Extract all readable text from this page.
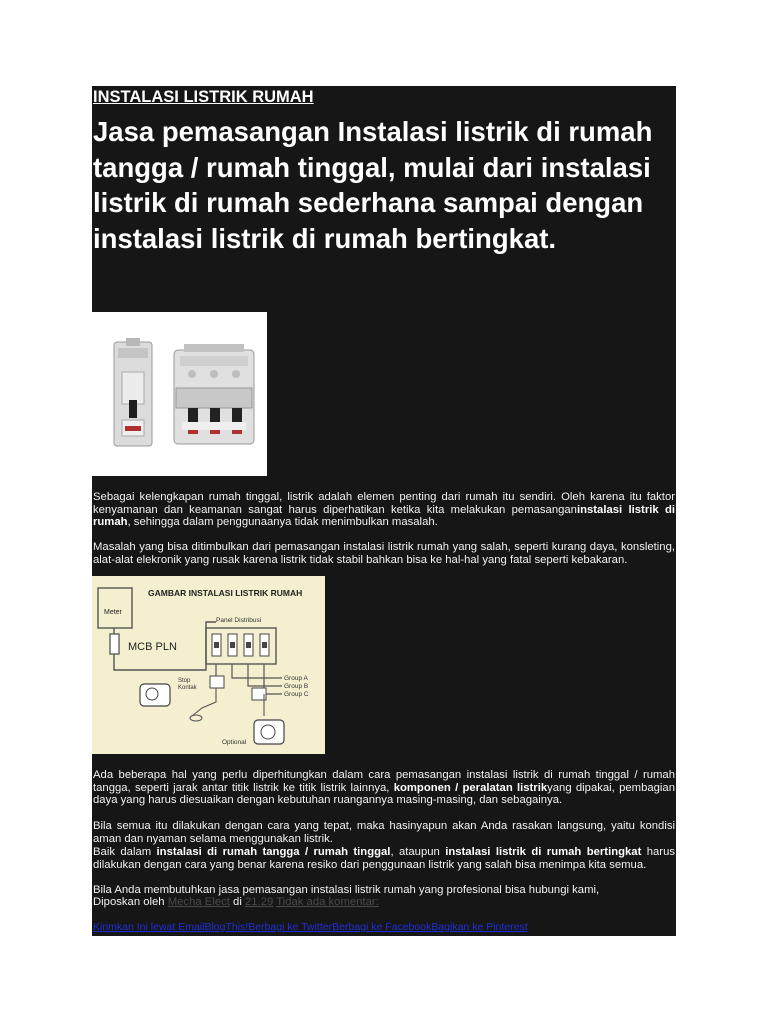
INSTALASI LISTRIK RUMAH

Jasa pemasangan Instalasi listrik di rumah tangga / rumah tinggal, mulai dari instalasi listrik di rumah sederhana sampai dengan instalasi listrik di rumah bertingkat.

Sebagai kelengkapan rumah tinggal, listrik adalah elemen penting dari rumah itu sendiri. Oleh karena itu faktor kenyamanan dan keamanan sangat harus diperhatikan ketika kita melakukan pemasanganinstalasi listrik di rumah, sehingga dalam penggunaanya tidak menimbulkan masalah.

Masalah yang bisa ditimbulkan dari pemasangan instalasi listrik rumah yang salah, seperti kurang daya, konsleting, alat-alat elekronik yang rusak karena listrik tidak stabil bahkan bisa ke hal-hal yang fatal seperti kebakaran.

GAMBAR INSTALASI LISTRIK RUMAH
Meter
MCB PLN
Panel Distribusi
Group A
Group B
Group C
Stop
Kontak
Optional

Ada beberapa hal yang perlu diperhitungkan dalam cara pemasangan instalasi listrik di rumah tinggal / rumah tangga, seperti jarak antar titik listrik ke titik listrik lainnya, komponen / peralatan listrikyang dipakai, pembagian daya yang harus diesuaikan dengan kebutuhan ruangannya masing-masing, dan sebagainya.

Bila semua itu dilakukan dengan cara yang tepat, maka hasinyapun akan Anda rasakan langsung, yaitu kondisi aman dan nyaman selama menggunakan listrik.

Baik dalam instalasi di rumah tangga / rumah tinggal, ataupun instalasi listrik di rumah bertingkat harus dilakukan dengan cara yang benar karena resiko dari penggunaan listrik yang salah bisa menimpa kita semua.

Bila Anda membutuhkan jasa pemasangan instalasi listrik rumah yang profesional bisa hubungi kami,

Diposkan oleh Mecha Elect di 21.29 Tidak ada komentar:
Kirimkan Ini lewat EmailBlogThis!Berbagi ke TwitterBerbagi ke FacebookBagikan ke Pinterest
